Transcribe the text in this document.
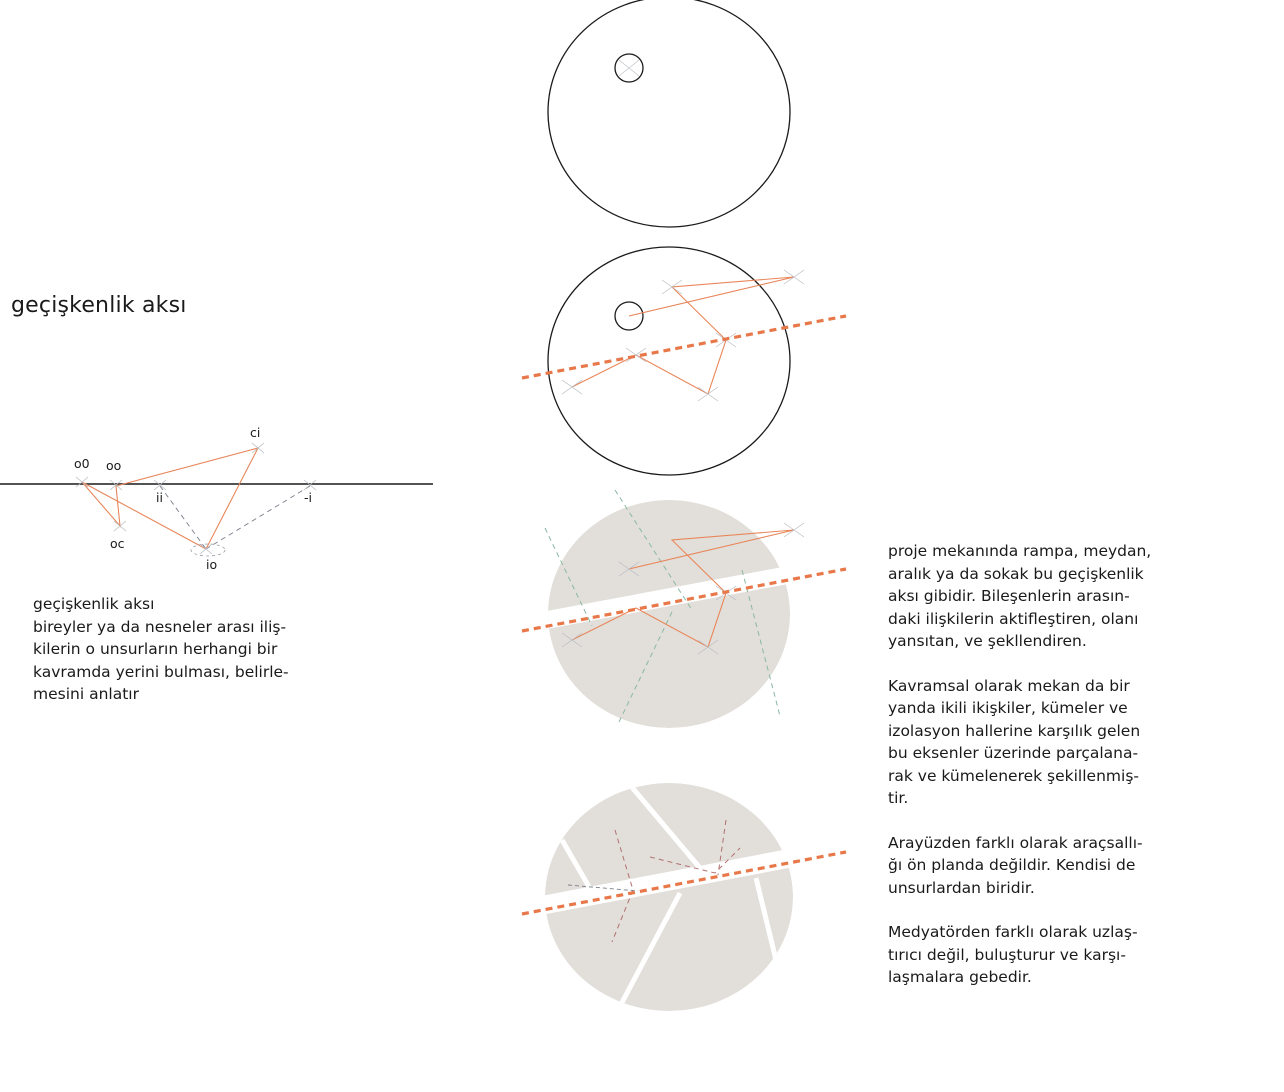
geçişkenlik aksı
o0 oo
ci
ii	-i
oc
io
geçişkenlik aksı
bireyler ya da nesneler arası iliş-
kilerin o unsurların herhangi bir
kavramda yerini bulması, belirle-
mesini anlatır

proje mekanında rampa, meydan,
aralık ya da sokak bu geçişkenlik
aksı gibidir. Bileşenlerin arasın-
daki ilişkilerin aktifleştiren, olanı
yansıtan, ve şekllendiren.

Kavramsal olarak mekan da bir
yanda ikili ikişkiler, kümeler ve
izolasyon hallerine karşılık gelen
bu eksenler üzerinde parçalana-
rak ve kümelenerek şekillenmiş-
tir.

Arayüzden farklı olarak araçsallı-
ğı ön planda değildir. Kendisi de
unsurlardan biridir.

Medyatörden farklı olarak uzlaş-
tırıcı değil, buluşturur ve karşı-
laşmalara gebedir.
